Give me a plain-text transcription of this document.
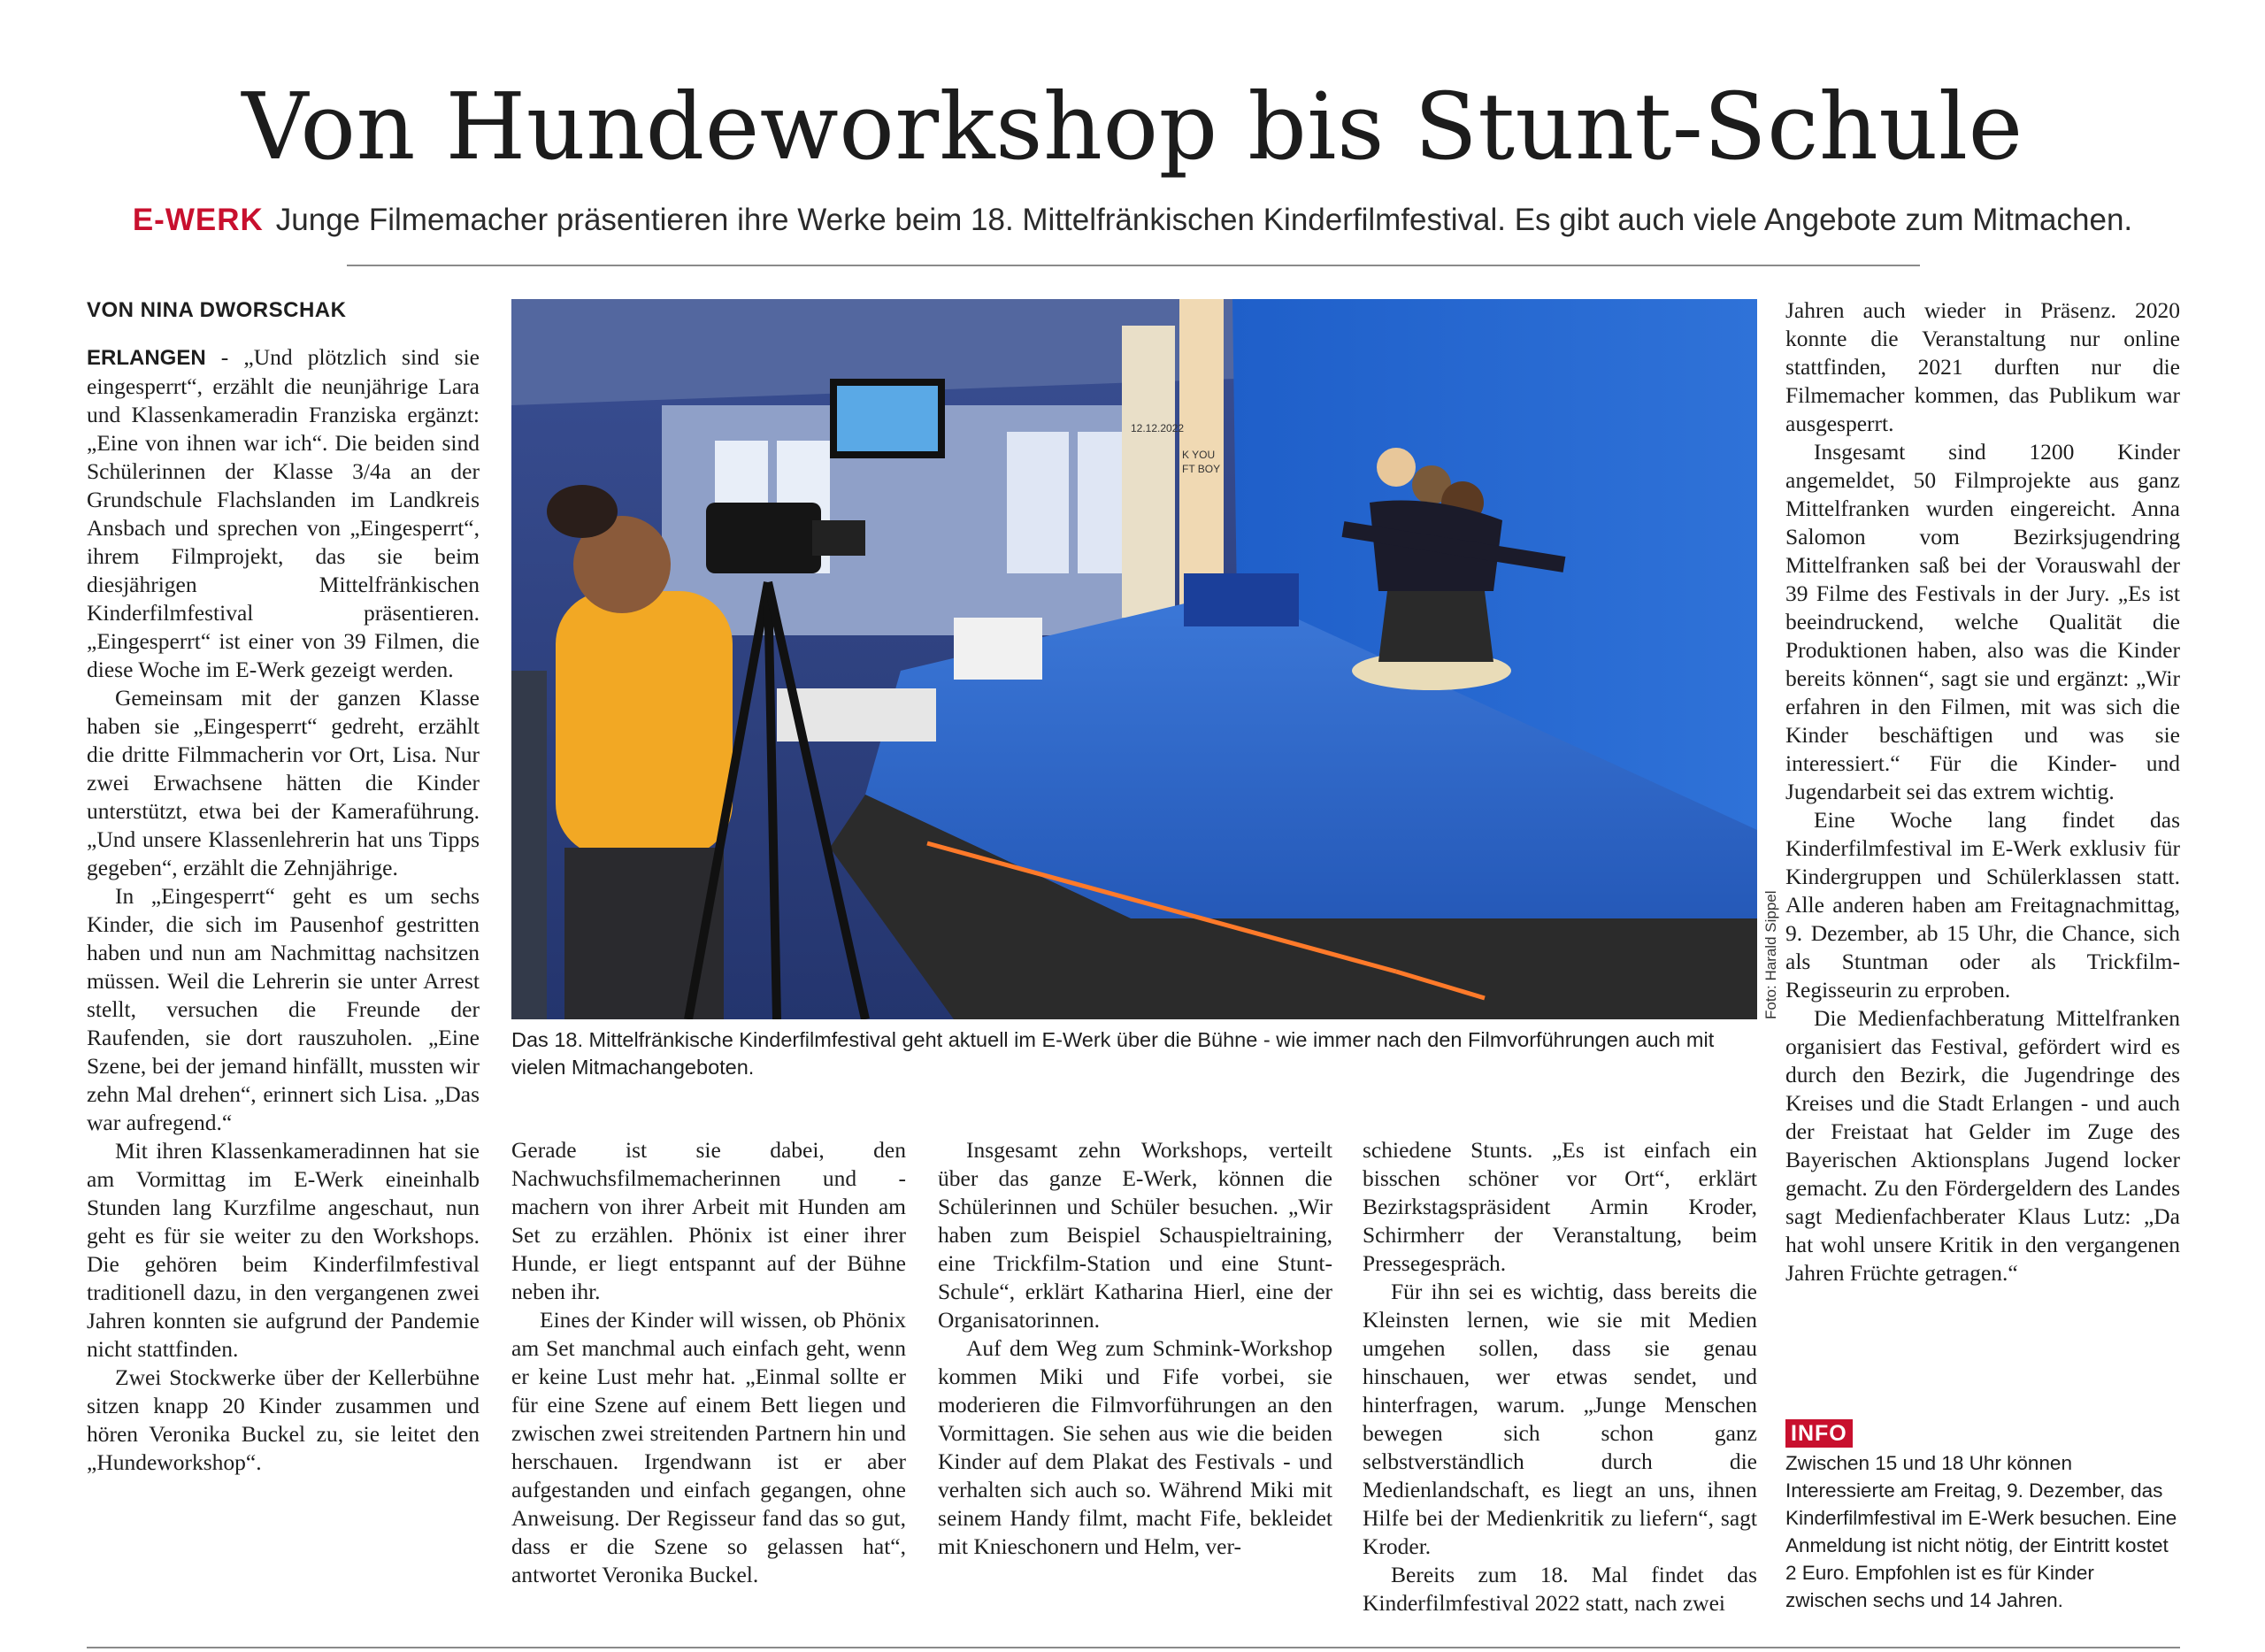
Von Hundeworkshop bis Stunt-Schule
E-WERK Junge Filmemacher präsentieren ihre Werke beim 18. Mittelfränkischen Kinderfilmfestival. Es gibt auch viele Angebote zum Mitmachen.
VON NINA DWORSCHAK

ERLANGEN - „Und plötzlich sind sie eingesperrt“, erzählt die neunjährige Lara und Klassenkameradin Franziska ergänzt: „Eine von ihnen war ich“. Die beiden sind Schülerinnen der Klasse 3/4a an der Grundschule Flachslanden im Landkreis Ansbach und sprechen von „Eingesperrt“, ihrem Filmprojekt, das sie beim diesjährigen Mittelfränkischen Kinderfilmfestival präsentieren. „Eingesperrt“ ist einer von 39 Filmen, die diese Woche im E-Werk gezeigt werden.

Gemeinsam mit der ganzen Klasse haben sie „Eingesperrt“ gedreht, erzählt die dritte Filmmacherin vor Ort, Lisa. Nur zwei Erwachsene hätten die Kinder unterstützt, etwa bei der Kameraführung. „Und unsere Klassenlehrerin hat uns Tipps gegeben“, erzählt die Zehnjährige.

In „Eingesperrt“ geht es um sechs Kinder, die sich im Pausenhof gestritten haben und nun am Nachmittag nachsitzen müssen. Weil die Lehrerin sie unter Arrest stellt, versuchen die Freunde der Raufenden, sie dort rauszuholen. „Eine Szene, bei der jemand hinfällt, mussten wir zehn Mal drehen“, erinnert sich Lisa. „Das war aufregend.“

Mit ihren Klassenkameradinnen hat sie am Vormittag im E-Werk eineinhalb Stunden lang Kurzfilme angeschaut, nun geht es für sie weiter zu den Workshops. Die gehören beim Kinderfilmfestival traditionell dazu, in den vergangenen zwei Jahren konnten sie aufgrund der Pandemie nicht stattfinden.

Zwei Stockwerke über der Kellerbühne sitzen knapp 20 Kinder zusammen und hören Veronika Buckel zu, sie leitet den „Hundeworkshop“.

12.12.2022
K YOU
FT BOY
Foto: Harald Sippel
Das 18. Mittelfränkische Kinderfilmfestival geht aktuell im E-Werk über die Bühne - wie immer nach den Filmvorführungen auch mit vielen Mitmachangeboten.

Gerade ist sie dabei, den Nachwuchsfilmemacherinnen und -machern von ihrer Arbeit mit Hunden am Set zu erzählen. Phönix ist einer ihrer Hunde, er liegt entspannt auf der Bühne neben ihr.

Eines der Kinder will wissen, ob Phönix am Set manchmal auch einfach geht, wenn er keine Lust mehr hat. „Einmal sollte er für eine Szene auf einem Bett liegen und zwischen zwei streitenden Partnern hin und herschauen. Irgendwann ist er aber aufgestanden und einfach gegangen, ohne Anweisung. Der Regisseur fand das so gut, dass er die Szene so gelassen hat“, antwortet Veronika Buckel.

Insgesamt zehn Workshops, verteilt über das ganze E-Werk, können die Schülerinnen und Schüler besuchen. „Wir haben zum Beispiel Schauspieltraining, eine Trickfilm-Station und eine Stunt-Schule“, erklärt Katharina Hierl, eine der Organisatorinnen.

Auf dem Weg zum Schmink-Workshop kommen Miki und Fife vorbei, sie moderieren die Filmvorführungen an den Vormittagen. Sie sehen aus wie die beiden Kinder auf dem Plakat des Festivals - und verhalten sich auch so. Während Miki mit seinem Handy filmt, macht Fife, bekleidet mit Knieschonern und Helm, ver-

schiedene Stunts. „Es ist einfach ein bisschen schöner vor Ort“, erklärt Bezirkstagspräsident Armin Kroder, Schirmherr der Veranstaltung, beim Pressegespräch.

Für ihn sei es wichtig, dass bereits die Kleinsten lernen, wie sie mit Medien umgehen sollen, dass sie genau hinschauen, wer etwas sendet, und hinterfragen, warum. „Junge Menschen bewegen sich schon ganz selbstverständlich durch die Medienlandschaft, es liegt an uns, ihnen Hilfe bei der Medienkritik zu liefern“, sagt Kroder.

Bereits zum 18. Mal findet das Kinderfilmfestival 2022 statt, nach zwei

Jahren auch wieder in Präsenz. 2020 konnte die Veranstaltung nur online stattfinden, 2021 durften nur die Filmemacher kommen, das Publikum war ausgesperrt.

Insgesamt sind 1200 Kinder angemeldet, 50 Filmprojekte aus ganz Mittelfranken wurden eingereicht. Anna Salomon vom Bezirksjugendring Mittelfranken saß bei der Vorauswahl der 39 Filme des Festivals in der Jury. „Es ist beeindruckend, welche Qualität die Produktionen haben, also was die Kinder bereits können“, sagt sie und ergänzt: „Wir erfahren in den Filmen, mit was sich die Kinder beschäftigen und was sie interessiert.“ Für die Kinder- und Jugendarbeit sei das extrem wichtig.

Eine Woche lang findet das Kinderfilmfestival im E-Werk exklusiv für Kindergruppen und Schülerklassen statt. Alle anderen haben am Freitagnachmittag, 9. Dezember, ab 15 Uhr, die Chance, sich als Stuntman oder als Trickfilm-Regisseurin zu erproben.

Die Medienfachberatung Mittelfranken organisiert das Festival, gefördert wird es durch den Bezirk, die Jugendringe des Kreises und die Stadt Erlangen - und auch der Freistaat hat Gelder im Zuge des Bayerischen Aktionsplans Jugend locker gemacht. Zu den Fördergeldern des Landes sagt Medienfachberater Klaus Lutz: „Da hat wohl unsere Kritik in den vergangenen Jahren Früchte getragen.“

INFO
Zwischen 15 und 18 Uhr können Interessierte am Freitag, 9. Dezember, das Kinderfilmfestival im E-Werk besuchen. Eine Anmeldung ist nicht nötig, der Eintritt kostet 2 Euro. Empfohlen ist es für Kinder zwischen sechs und 14 Jahren.
